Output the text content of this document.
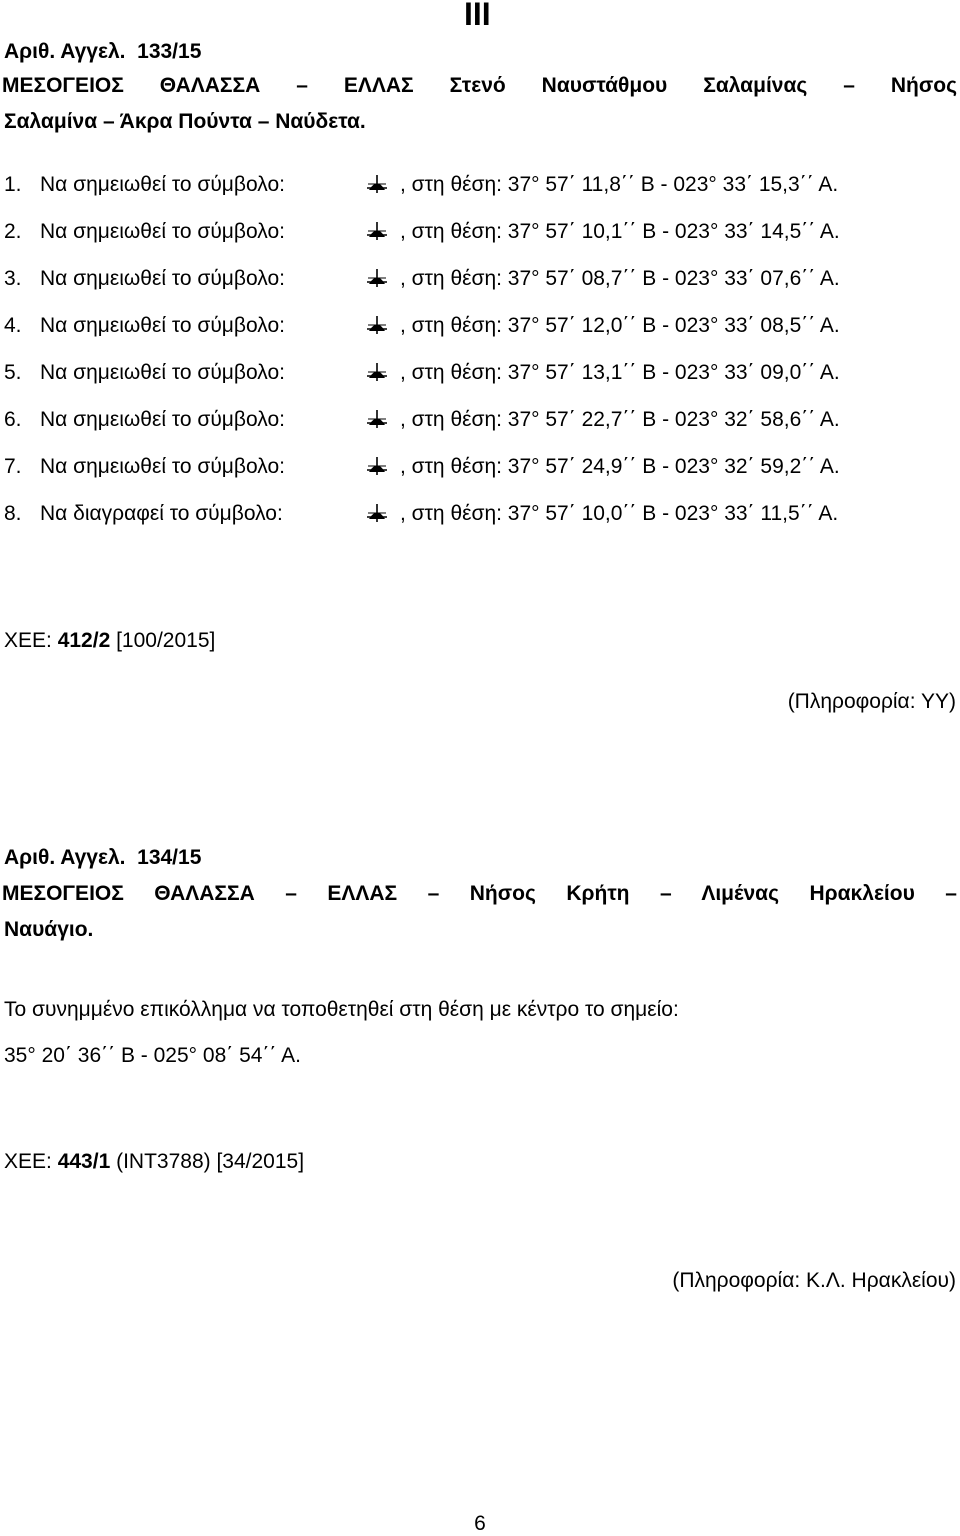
III
Αριθ. Αγγελ. 133/15
ΜΕΣΟΓΕΙΟΣ ΘΑΛΑΣΣΑ – ΕΛΛΑΣ Στενό Ναυστάθμου Σαλαμίνας – Νήσος
Σαλαμίνα – Άκρα Πούντα – Ναύδετα.
1. Να σημειωθεί το σύμβολο:	, στη θέση: 37° 57΄ 11,8΄΄ Β - 023° 33΄ 15,3΄΄ Α.
2. Να σημειωθεί το σύμβολο:	, στη θέση: 37° 57΄ 10,1΄΄ Β - 023° 33΄ 14,5΄΄ Α.
3. Να σημειωθεί το σύμβολο:	, στη θέση: 37° 57΄ 08,7΄΄ Β - 023° 33΄ 07,6΄΄ Α.
4. Να σημειωθεί το σύμβολο:	, στη θέση: 37° 57΄ 12,0΄΄ Β - 023° 33΄ 08,5΄΄ Α.
5. Να σημειωθεί το σύμβολο:	, στη θέση: 37° 57΄ 13,1΄΄ Β - 023° 33΄ 09,0΄΄ Α.
6. Να σημειωθεί το σύμβολο:	, στη θέση: 37° 57΄ 22,7΄΄ Β - 023° 32΄ 58,6΄΄ Α.
7. Να σημειωθεί το σύμβολο:	, στη θέση: 37° 57΄ 24,9΄΄ Β - 023° 32΄ 59,2΄΄ Α.
8. Να διαγραφεί το σύμβολο:	, στη θέση: 37° 57΄ 10,0΄΄ Β - 023° 33΄ 11,5΄΄ Α.
ΧΕΕ: 412/2 [100/2015]
(Πληροφορία: ΥΥ)
Αριθ. Αγγελ. 134/15
ΜΕΣΟΓΕΙΟΣ ΘΑΛΑΣΣΑ – ΕΛΛΑΣ – Νήσος Κρήτη – Λιμένας Ηρακλείου –
Ναυάγιο.
Το συνημμένο επικόλλημα να τοποθετηθεί στη θέση με κέντρο το σημείο:
35° 20΄ 36΄΄ Β - 025° 08΄ 54΄΄ Α.
ΧΕΕ: 443/1 (INT3788) [34/2015]
(Πληροφορία: Κ.Λ. Ηρακλείου)
6
